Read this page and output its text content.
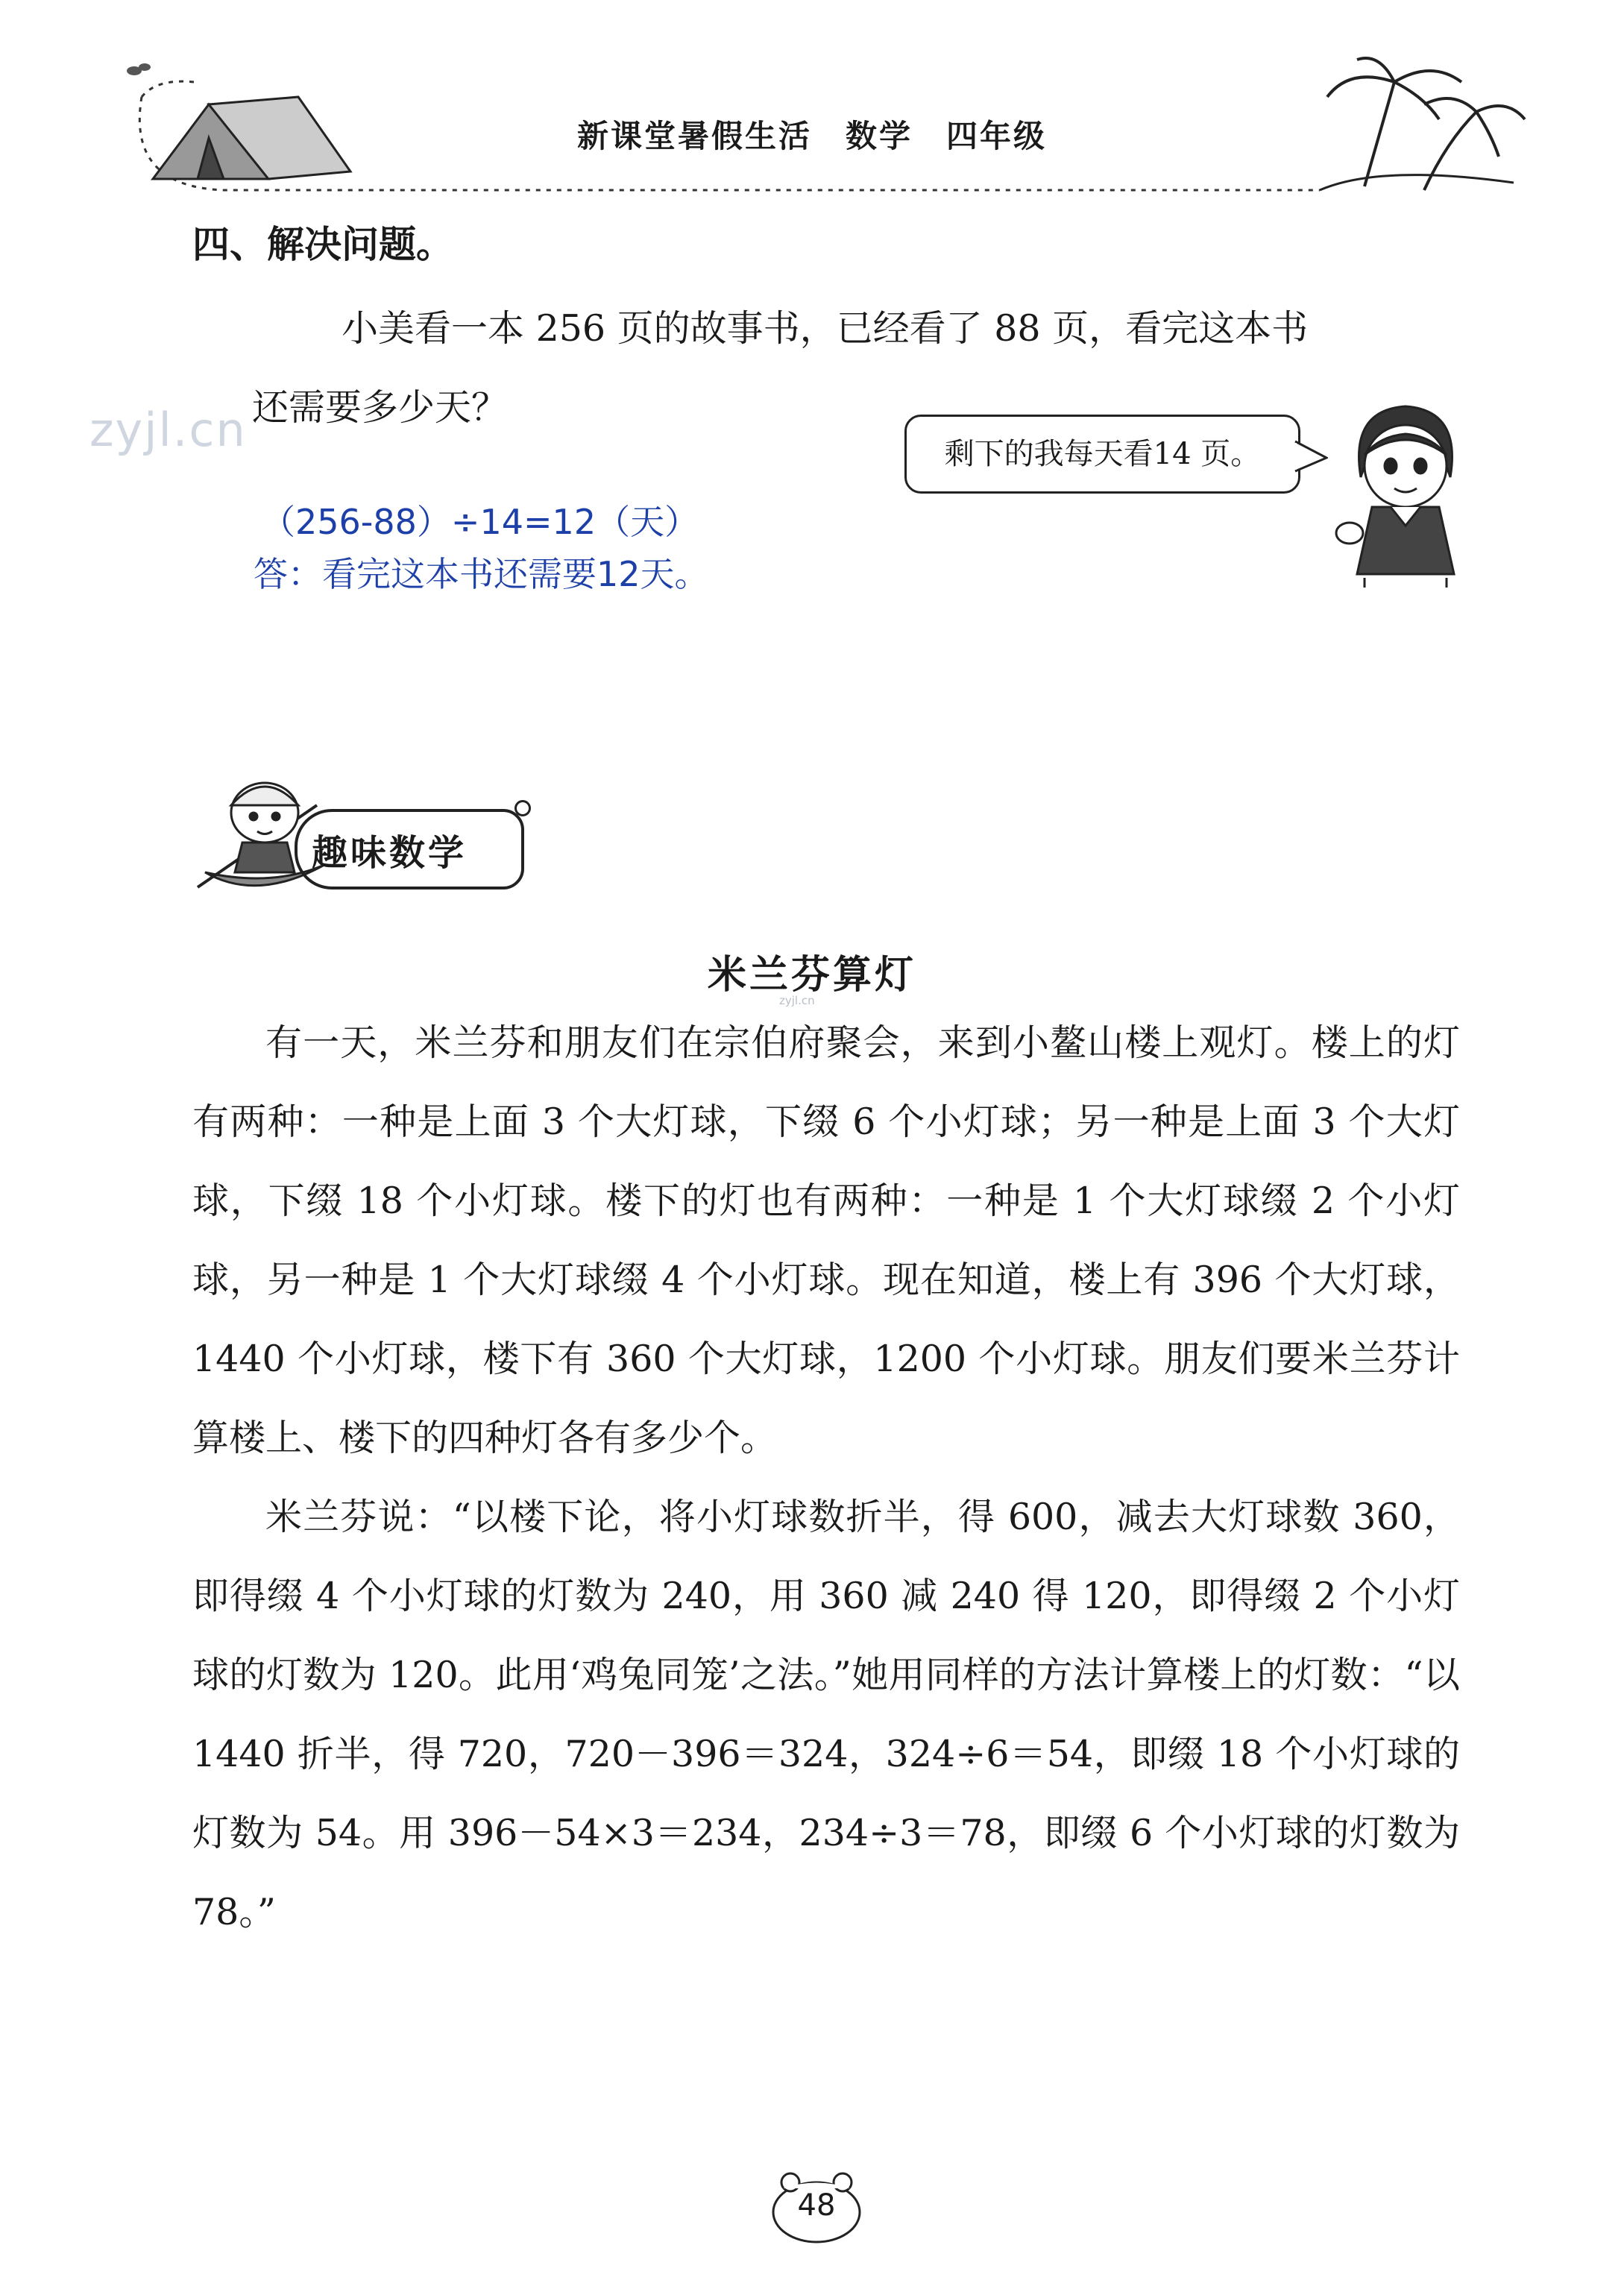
新课堂暑假生活　数学　四年级
四、解决问题。
小美看一本 256 页的故事书，已经看了 88 页，看完这本书
还需要多少天？
zyjl.cn	剩下的我每天看14 页。
（256-88）÷14=12（天）
答：看完这本书还需要12天。
趣味数学
米兰芬算灯
zyjl.cn

有一天，米兰芬和朋友们在宗伯府聚会，来到小鳌山楼上观灯。楼上的灯有两种：一种是上面 3 个大灯球，下缀 6 个小灯球；另一种是上面 3 个大灯球，下缀 18 个小灯球。楼下的灯也有两种：一种是 1 个大灯球缀 2 个小灯球，另一种是 1 个大灯球缀 4 个小灯球。现在知道，楼上有 396 个大灯球，1440 个小灯球，楼下有 360 个大灯球，1200 个小灯球。朋友们要米兰芬计算楼上、楼下的四种灯各有多少个。

米兰芬说：“以楼下论，将小灯球数折半，得 600，减去大灯球数 360，即得缀 4 个小灯球的灯数为 240，用 360 减 240 得 120，即得缀 2 个小灯球的灯数为 120。此用‘鸡兔同笼’之法。”她用同样的方法计算楼上的灯数：“以 1440 折半，得 720，720－396＝324，324÷6＝54，即缀 18 个小灯球的灯数为 54。用 396－54×3＝234，234÷3＝78，即缀 6 个小灯球的灯数为 78。”

48
